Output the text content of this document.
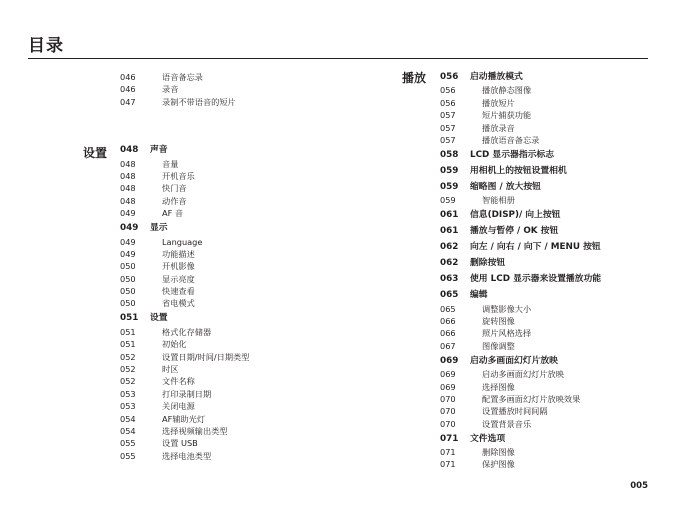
目录
046	语音备忘录
046	录音
047	录制不带语音的短片
048	声音
048	音量
048	开机音乐
048	快门音
048	动作音
049	AF 音
049	显示
049	Language
049	功能描述
050	开机影像
050	显示亮度
050	快速查看
050	省电模式
051	设置
051	格式化存储器
051	初始化
052	设置日期/时间/日期类型
052	时区
052	文件名称
053	打印录制日期
053	关闭电源
054	AF辅助光灯
054	选择视频输出类型
055	设置 USB
055	选择电池类型
设置
056	启动播放模式
056	播放静态图像
056	播放短片
057	短片捕获功能
057	播放录音
057	播放语音备忘录
058	LCD 显示器指示标志
059	用相机上的按钮设置相机
059	缩略图 / 放大按钮
059	智能相册
061	信息(DISP)/ 向上按钮
061	播放与暂停 / OK 按钮
062	向左 / 向右 / 向下 / MENU 按钮
062	删除按钮
063	使用 LCD 显示器来设置播放功能
065	编辑
065	调整影像大小
066	旋转图像
066	照片风格选择
067	图像调整
069	启动多画面幻灯片放映
069	启动多画面幻灯片放映
069	选择图像
070	配置多画面幻灯片放映效果
070	设置播放时间间隔
070	设置背景音乐
071	文件选项
071	删除图像
071	保护图像
播放
005
